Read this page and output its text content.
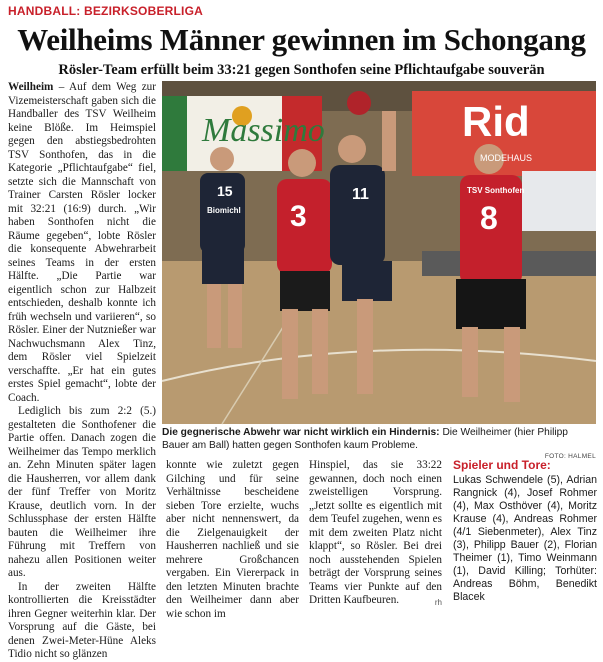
HANDBALL: BEZIRKSOBERLIGA
Weilheims Männer gewinnen im Schongang
Rösler-Team erfüllt beim 33:21 gegen Sonthofen seine Pflichtaufgabe souverän

Weilheim – Auf dem Weg zur Vizemeisterschaft gaben sich die Handballer des TSV Weilheim keine Blöße. Im Heimspiel gegen den abstiegsbedrohten TSV Sonthofen, das in die Kategorie „Pflichtaufgabe“ fiel, setzte sich die Mannschaft von Trainer Carsten Rösler locker mit 32:21 (16:9) durch. „Wir haben Sonthofen nicht die Räume gegeben“, lobte Rösler die konsequente Abwehrarbeit seines Teams in der ersten Hälfte. „Die Partie war eigentlich schon zur Halbzeit entschieden, deshalb konnte ich früh wechseln und variieren“, so Rösler. Einer der Nutznießer war Nachwuchsmann Alex Tinz, dem Rösler viel Spielzeit verschaffte. „Er hat ein gutes erstes Spiel gemacht“, lobte der Coach.

Lediglich bis zum 2:2 (5.) gestalteten die Sonthofener die Partie offen. Danach zogen die Weilheimer das Tempo merklich an. Zehn Minuten später lagen die Hausherren, vor allem dank der fünf Treffer von Moritz Krause, deutlich vorn. In der Schlussphase der ersten Hälfte bauten die Weilheimer ihre Führung mit Treffern von nahezu allen Positionen weiter aus.

In der zweiten Hälfte kontrollierten die Kreisstädter ihren Gegner weiterhin klar. Der Vorsprung auf die Gäste, bei denen Zwei-Meter-Hüne Aleks Tidio nicht so glänzen

Massimo	Rid
MODEHAUS
15
Biomichl 3
11	TSV Sonthofen
8
Die gegnerische Abwehr war nicht wirklich ein Hindernis: Die Weilheimer (hier Philipp Bauer am Ball) hatten gegen Sonthofen kaum Probleme.
FOTO: HALMEL

konnte wie zuletzt gegen Gilching und für seine Verhältnisse bescheidene sieben Tore erzielte, wuchs aber nicht nennenswert, da die Zielgenauigkeit der Hausherren nachließ und sie mehrere Großchancen vergaben. Ein Viererpack in den letzten Minuten brachte den Weilheimer dann aber wie schon im

Hinspiel, das sie 33:22 gewannen, doch noch einen zweistelligen Vorsprung. „Jetzt sollte es eigentlich mit dem Teufel zugehen, wenn es mit dem zweiten Platz nicht klappt“, so Rösler. Bei drei noch ausstehenden Spielen beträgt der Vorsprung seines Teams vier Punkte auf den Dritten Kaufbeuren.	rh

Spieler und Tore:
Lukas Schwendele (5), Adrian Rangnick (4), Josef Rohmer (4), Max Osthöver (4), Moritz Krause (4), Andreas Rohmer (4/1 Siebenmeter), Alex Tinz (3), Philipp Bauer (2), Florian Theimer (1), Timo Weinmann (1), David Killing; Torhüter: Andreas Böhm, Benedikt Blacek
